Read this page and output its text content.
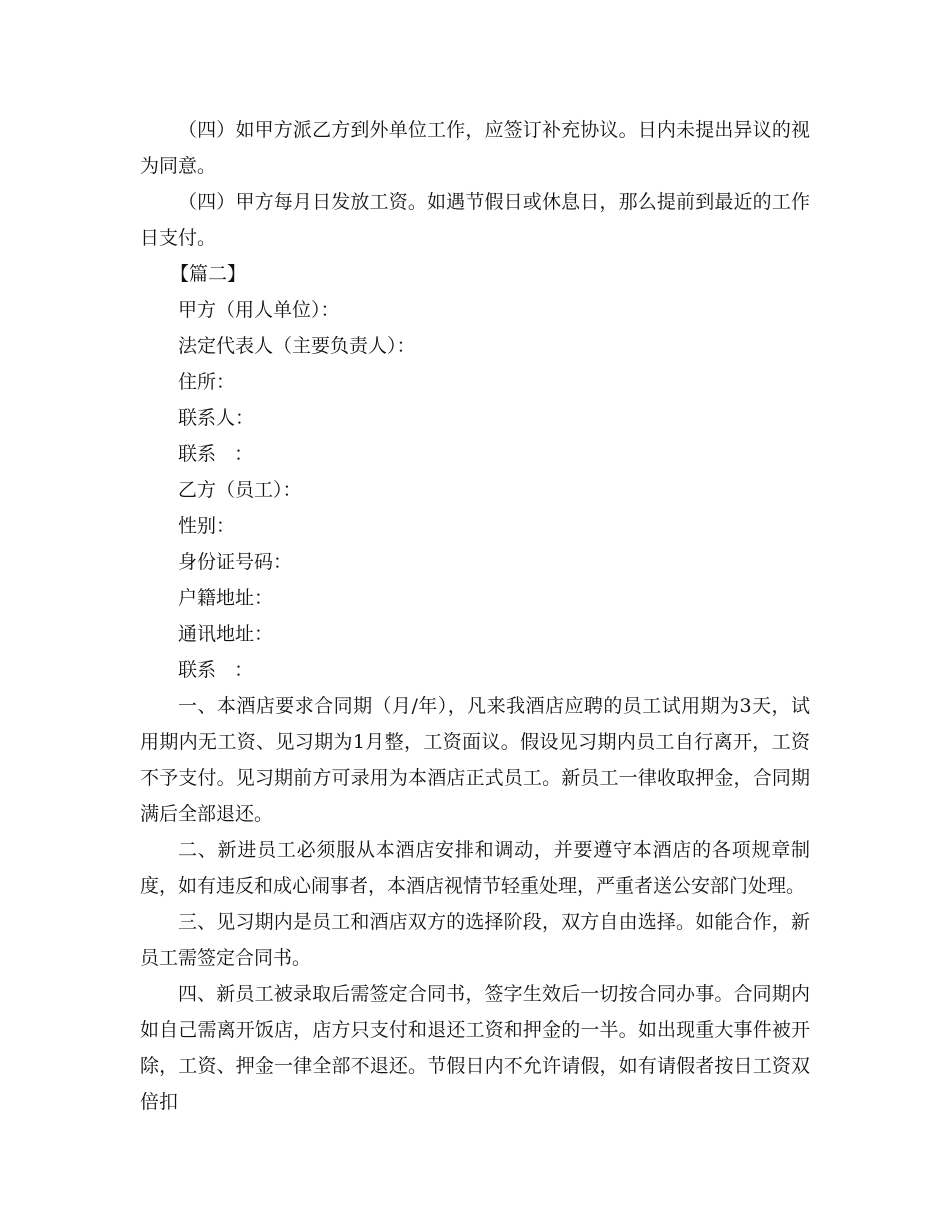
（四）如甲方派乙方到外单位工作，应签订补充协议。日内未提出异议的视为同意。

（四）甲方每月日发放工资。如遇节假日或休息日，那么提前到最近的工作日支付。

【篇二】

甲方（用人单位）：

法定代表人（主要负责人）：

住所：

联系人：

联系   ：

乙方（员工）：

性别：

身份证号码：

户籍地址：

通讯地址：

联系   ：

一、本酒店要求合同期（月/年），凡来我酒店应聘的员工试用期为3天，试用期内无工资、见习期为1月整，工资面议。假设见习期内员工自行离开，工资不予支付。见习期前方可录用为本酒店正式员工。新员工一律收取押金，合同期满后全部退还。

二、新进员工必须服从本酒店安排和调动，并要遵守本酒店的各项规章制度，如有违反和成心闹事者，本酒店视情节轻重处理，严重者送公安部门处理。

三、见习期内是员工和酒店双方的选择阶段，双方自由选择。如能合作，新员工需签定合同书。

四、新员工被录取后需签定合同书，签字生效后一切按合同办事。合同期内如自己需离开饭店，店方只支付和退还工资和押金的一半。如出现重大事件被开除，工资、押金一律全部不退还。节假日内不允许请假，如有请假者按日工资双倍扣
